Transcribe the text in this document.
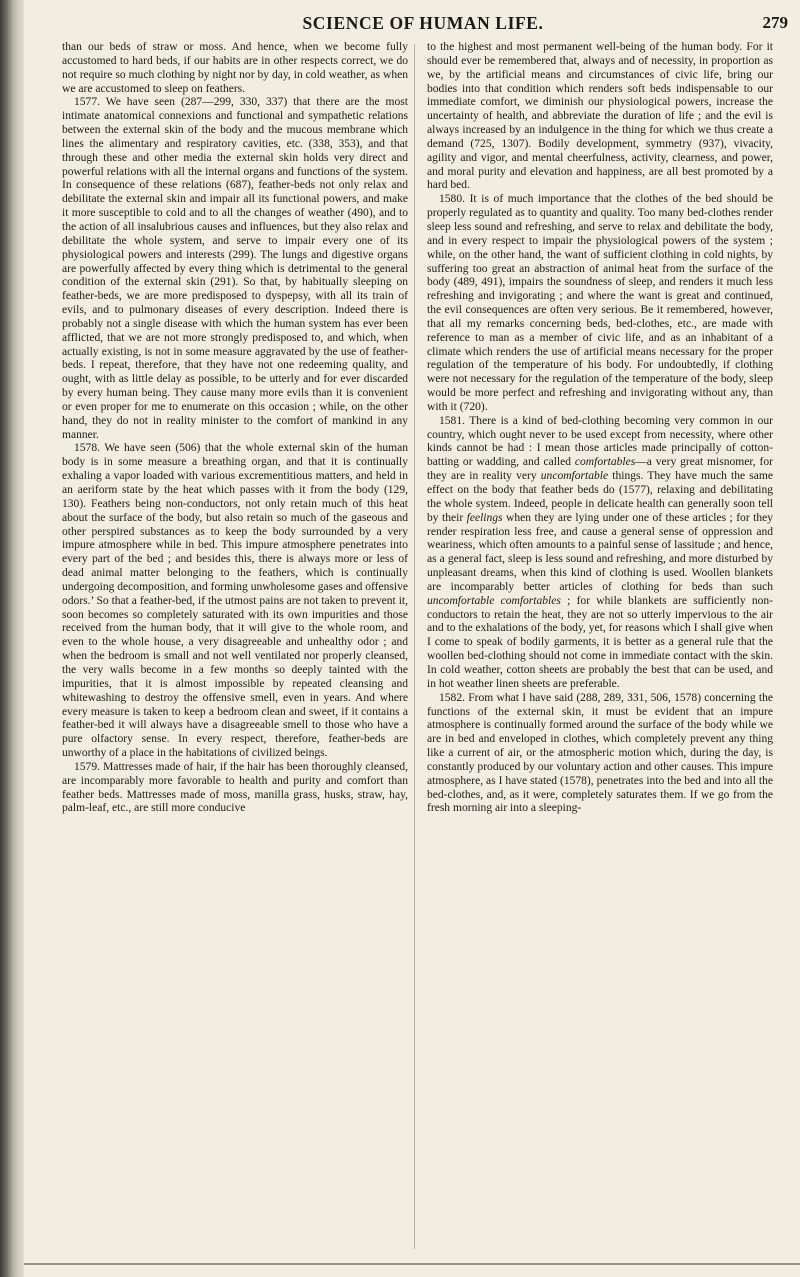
SCIENCE OF HUMAN LIFE.	279

than our beds of straw or moss. And hence, when we become fully accustomed to hard beds, if our habits are in other respects correct, we do not require so much clothing by night nor by day, in cold weather, as when we are accustomed to sleep on feathers.

1577. We have seen (287—299, 330, 337) that there are the most intimate anatomical connexions and functional and sympathetic relations between the external skin of the body and the mucous membrane which lines the alimentary and respiratory cavities, etc. (338, 353), and that through these and other media the external skin holds very direct and powerful relations with all the internal organs and functions of the system. In consequence of these relations (687), feather-beds not only relax and debilitate the external skin and impair all its functional powers, and make it more susceptible to cold and to all the changes of weather (490), and to the action of all insalubrious causes and influences, but they also relax and debilitate the whole system, and serve to impair every one of its physiological powers and interests (299). The lungs and digestive organs are powerfully affected by every thing which is detrimental to the general condition of the external skin (291). So that, by habitually sleeping on feather-beds, we are more predisposed to dyspepsy, with all its train of evils, and to pulmonary diseases of every description. Indeed there is probably not a single disease with which the human system has ever been afflicted, that we are not more strongly predisposed to, and which, when actually existing, is not in some measure aggravated by the use of feather-beds. I repeat, therefore, that they have not one redeeming quality, and ought, with as little delay as possible, to be utterly and for ever discarded by every human being. They cause many more evils than it is convenient or even proper for me to enumerate on this occasion ; while, on the other hand, they do not in reality minister to the comfort of mankind in any manner.

1578. We have seen (506) that the whole external skin of the human body is in some measure a breathing organ, and that it is continually exhaling a vapor loaded with various excrementitious matters, and held in an aeriform state by the heat which passes with it from the body (129, 130). Feathers being non-conductors, not only retain much of this heat about the surface of the body, but also retain so much of the gaseous and other perspired substances as to keep the body surrounded by a very impure atmosphere while in bed. This impure atmosphere penetrates into every part of the bed ; and besides this, there is always more or less of dead animal matter belonging to the feathers, which is continually undergoing decomposition, and forming unwholesome gases and offensive odors.’ So that a feather-bed, if the utmost pains are not taken to prevent it, soon becomes so completely saturated with its own impurities and those received from the human body, that it will give to the whole room, and even to the whole house, a very disagreeable and unhealthy odor ; and when the bedroom is small and not well ventilated nor properly cleansed, the very walls become in a few months so deeply tainted with the impurities, that it is almost impossible by repeated cleansing and whitewashing to destroy the offensive smell, even in years. And where every measure is taken to keep a bedroom clean and sweet, if it contains a feather-bed it will always have a disagreeable smell to those who have a pure olfactory sense. In every respect, therefore, feather-beds are unworthy of a place in the habitations of civilized beings.

1579. Mattresses made of hair, if the hair has been thoroughly cleansed, are incomparably more favorable to health and purity and comfort than feather beds. Mattresses made of moss, manilla grass, husks, straw, hay, palm-leaf, etc., are still more conducive

to the highest and most permanent well-being of the human body. For it should ever be remembered that, always and of necessity, in proportion as we, by the artificial means and circumstances of civic life, bring our bodies into that condition which renders soft beds indispensable to our immediate comfort, we diminish our physiological powers, increase the uncertainty of health, and abbreviate the duration of life ; and the evil is always increased by an indulgence in the thing for which we thus create a demand (725, 1307). Bodily development, symmetry (937), vivacity, agility and vigor, and mental cheerfulness, activity, clearness, and power, and moral purity and elevation and happiness, are all best promoted by a hard bed.

1580. It is of much importance that the clothes of the bed should be properly regulated as to quantity and quality. Too many bed-clothes render sleep less sound and refreshing, and serve to relax and debilitate the body, and in every respect to impair the physiological powers of the system ; while, on the other hand, the want of sufficient clothing in cold nights, by suffering too great an abstraction of animal heat from the surface of the body (489, 491), impairs the soundness of sleep, and renders it much less refreshing and invigorating ; and where the want is great and continued, the evil consequences are often very serious. Be it remembered, however, that all my remarks concerning beds, bed-clothes, etc., are made with reference to man as a member of civic life, and as an inhabitant of a climate which renders the use of artificial means necessary for the proper regulation of the temperature of his body. For undoubtedly, if clothing were not necessary for the regulation of the temperature of the body, sleep would be more perfect and refreshing and invigorating without any, than with it (720).

1581. There is a kind of bed-clothing becoming very common in our country, which ought never to be used except from necessity, where other kinds cannot be had : I mean those articles made principally of cotton-batting or wadding, and called comfortables—a very great misnomer, for they are in reality very uncomfortable things. They have much the same effect on the body that feather beds do (1577), relaxing and debilitating the whole system. Indeed, people in delicate health can generally soon tell by their feelings when they are lying under one of these articles ; for they render respiration less free, and cause a general sense of oppression and weariness, which often amounts to a painful sense of lassitude ; and hence, as a general fact, sleep is less sound and refreshing, and more disturbed by unpleasant dreams, when this kind of clothing is used. Woollen blankets are incomparably better articles of clothing for beds than such uncomfortable comfortables ; for while blankets are sufficiently non-conductors to retain the heat, they are not so utterly impervious to the air and to the exhalations of the body, yet, for reasons which I shall give when I come to speak of bodily garments, it is better as a general rule that the woollen bed-clothing should not come in immediate contact with the skin. In cold weather, cotton sheets are probably the best that can be used, and in hot weather linen sheets are preferable.

1582. From what I have said (288, 289, 331, 506, 1578) concerning the functions of the external skin, it must be evident that an impure atmosphere is continually formed around the surface of the body while we are in bed and enveloped in clothes, which completely prevent any thing like a current of air, or the atmospheric motion which, during the day, is constantly produced by our voluntary action and other causes. This impure atmosphere, as I have stated (1578), penetrates into the bed and into all the bed-clothes, and, as it were, completely saturates them. If we go from the fresh morning air into a sleeping-
